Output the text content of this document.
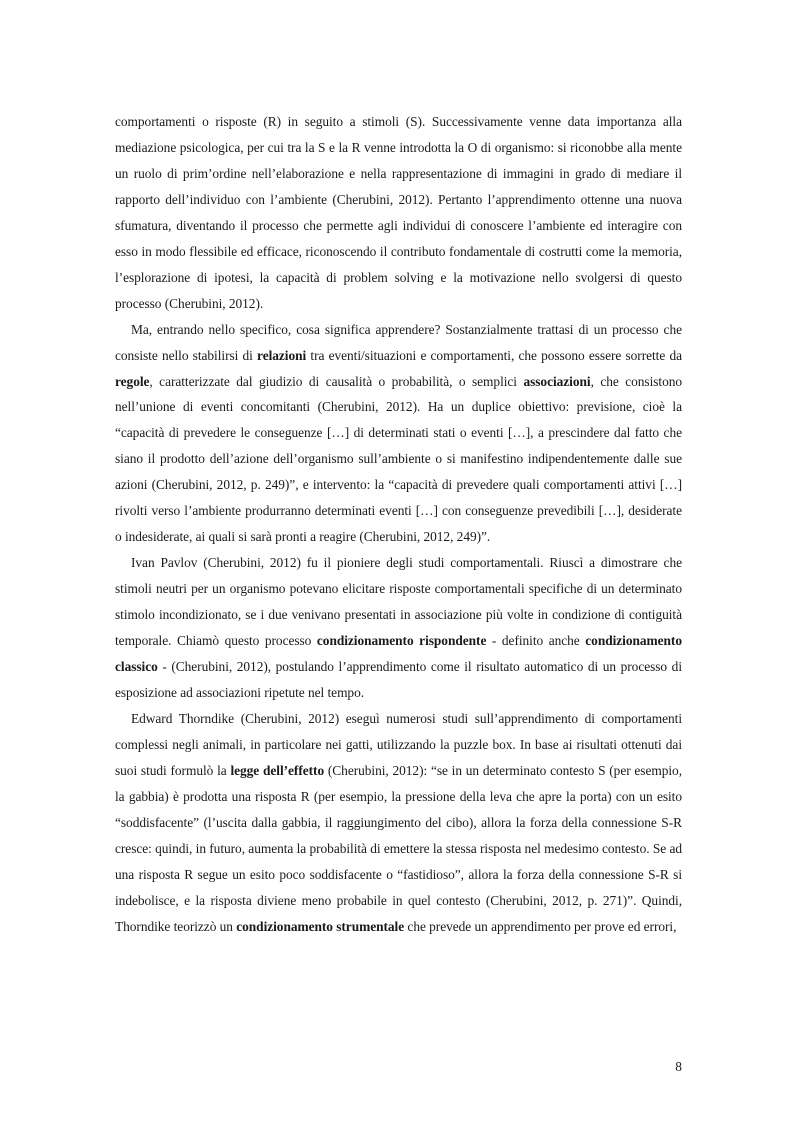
comportamenti o risposte (R) in seguito a stimoli (S). Successivamente venne data importanza alla mediazione psicologica, per cui tra la S e la R venne introdotta la O di organismo: si riconobbe alla mente un ruolo di prim’ordine nell’elaborazione e nella rappresentazione di immagini in grado di mediare il rapporto dell’individuo con l’ambiente (Cherubini, 2012). Pertanto l’apprendimento ottenne una nuova sfumatura, diventando il processo che permette agli individui di conoscere l’ambiente ed interagire con esso in modo flessibile ed efficace, riconoscendo il contributo fondamentale di costrutti come la memoria, l’esplorazione di ipotesi, la capacità di problem solving e la motivazione nello svolgersi di questo processo (Cherubini, 2012).

Ma, entrando nello specifico, cosa significa apprendere? Sostanzialmente trattasi di un processo che consiste nello stabilirsi di relazioni tra eventi/situazioni e comportamenti, che possono essere sorrette da regole, caratterizzate dal giudizio di causalità o probabilità, o semplici associazioni, che consistono nell’unione di eventi concomitanti (Cherubini, 2012). Ha un duplice obiettivo: previsione, cioè la “capacità di prevedere le conseguenze […] di determinati stati o eventi […], a prescindere dal fatto che siano il prodotto dell’azione dell’organismo sull’ambiente o si manifestino indipendentemente dalle sue azioni (Cherubini, 2012, p. 249)”, e intervento: la “capacità di prevedere quali comportamenti attivi […] rivolti verso l’ambiente produrranno determinati eventi […] con conseguenze prevedibili […], desiderate o indesiderate, ai quali si sarà pronti a reagire (Cherubini, 2012, 249)”.

Ivan Pavlov (Cherubini, 2012) fu il pioniere degli studi comportamentali. Riuscì a dimostrare che stimoli neutri per un organismo potevano elicitare risposte comportamentali specifiche di un determinato stimolo incondizionato, se i due venivano presentati in associazione più volte in condizione di contiguità temporale. Chiamò questo processo condizionamento rispondente - definito anche condizionamento classico - (Cherubini, 2012), postulando l’apprendimento come il risultato automatico di un processo di esposizione ad associazioni ripetute nel tempo.

Edward Thorndike (Cherubini, 2012) eseguì numerosi studi sull’apprendimento di comportamenti complessi negli animali, in particolare nei gatti, utilizzando la puzzle box. In base ai risultati ottenuti dai suoi studi formulò la legge dell’effetto (Cherubini, 2012): “se in un determinato contesto S (per esempio, la gabbia) è prodotta una risposta R (per esempio, la pressione della leva che apre la porta) con un esito “soddisfacente” (l’uscita dalla gabbia, il raggiungimento del cibo), allora la forza della connessione S-R cresce: quindi, in futuro, aumenta la probabilità di emettere la stessa risposta nel medesimo contesto. Se ad una risposta R segue un esito poco soddisfacente o “fastidioso”, allora la forza della connessione S-R si indebolisce, e la risposta diviene meno probabile in quel contesto (Cherubini, 2012, p. 271)”. Quindi, Thorndike teorizzò un condizionamento strumentale che prevede un apprendimento per prove ed errori,

8
